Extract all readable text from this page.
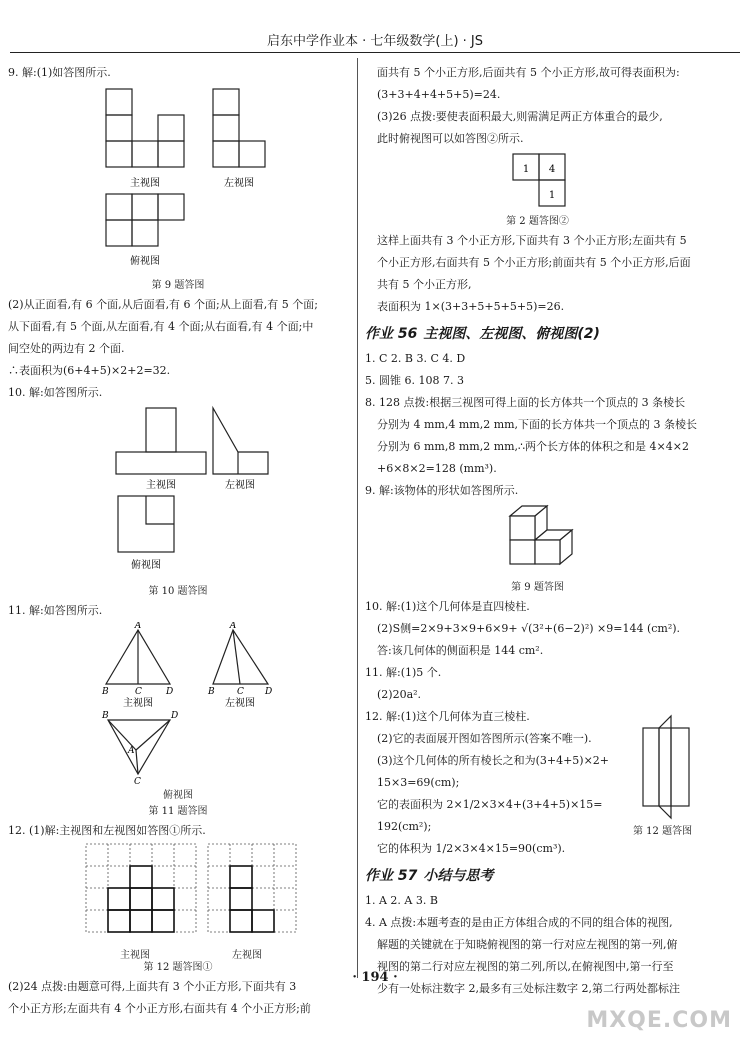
启东中学作业本 · 七年级数学(上) · JS

9. 解:(1)如答图所示.

主视图	左视图
俯视图

第 9 题答图

(2)从正面看,有 6 个面,从后面看,有 6 个面;从上面看,有 5 个面;

从下面看,有 5 个面,从左面看,有 4 个面;从右面看,有 4 个面;中

间空处的两边有 2 个面.

∴表面积为(6+4+5)×2+2=32.

10. 解:如答图所示.

主视图	左视图
俯视图

第 10 题答图

11. 解:如答图所示.

A
B	C	D
主视图
A
B C D
左视图
B	D
A
C

俯视图

第 11 题答图

12. (1)解:主视图和左视图如答图①所示.

主视图	左视图

第 12 题答图①

(2)24 点拨:由题意可得,上面共有 3 个小正方形,下面共有 3

个小正方形;左面共有 4 个小正方形,右面共有 4 个小正方形;前

面共有 5 个小正方形,后面共有 5 个小正方形,故可得表面积为:

(3+3+4+4+5+5)=24.

(3)26 点拨:要使表面积最大,则需满足两正方体重合的最少,

此时俯视图可以如答图②所示.

1 4
1

第 2 题答图②

这样上面共有 3 个小正方形,下面共有 3 个小正方形;左面共有 5

个小正方形,右面共有 5 个小正方形;前面共有 5 个小正方形,后面

共有 5 个小正方形,

表面积为 1×(3+3+5+5+5+5)=26.

作业 56 主视图、左视图、俯视图(2)

1. C 2. B 3. C 4. D

5. 圆锥 6. 108 7. 3

8. 128 点拨:根据三视图可得上面的长方体共一个顶点的 3 条棱长

分别为 4 mm,4 mm,2 mm,下面的长方体共一个顶点的 3 条棱长

分别为 6 mm,8 mm,2 mm,∴两个长方体的体积之和是 4×4×2

+6×8×2=128 (mm³).

9. 解:该物体的形状如答图所示.

第 9 题答图

10. 解:(1)这个几何体是直四棱柱.

(2)S侧=2×9+3×9+6×9+ √(3²+(6−2)²) ×9=144 (cm²).

答:该几何体的侧面积是 144 cm².

11. 解:(1)5 个.

(2)20a².

12. 解:(1)这个几何体为直三棱柱.

(2)它的表面展开图如答图所示(答案不唯一).

(3)这个几何体的所有棱长之和为(3+4+5)×2+

15×3=69(cm);

它的表面积为 2×1/2×3×4+(3+4+5)×15=

192(cm²);

它的体积为 1/2×3×4×15=90(cm³).

第 12 题答图

作业 57 小结与思考

1. A 2. A 3. B

4. A 点拨:本题考查的是由正方体组合成的不同的组合体的视图,

解题的关键就在于知晓俯视图的第一行对应左视图的第一列,俯

视图的第二行对应左视图的第二列,所以,在俯视图中,第一行至

少有一处标注数字 2,最多有三处标注数字 2,第二行两处都标注

· 194 ·
MXQE.COM
